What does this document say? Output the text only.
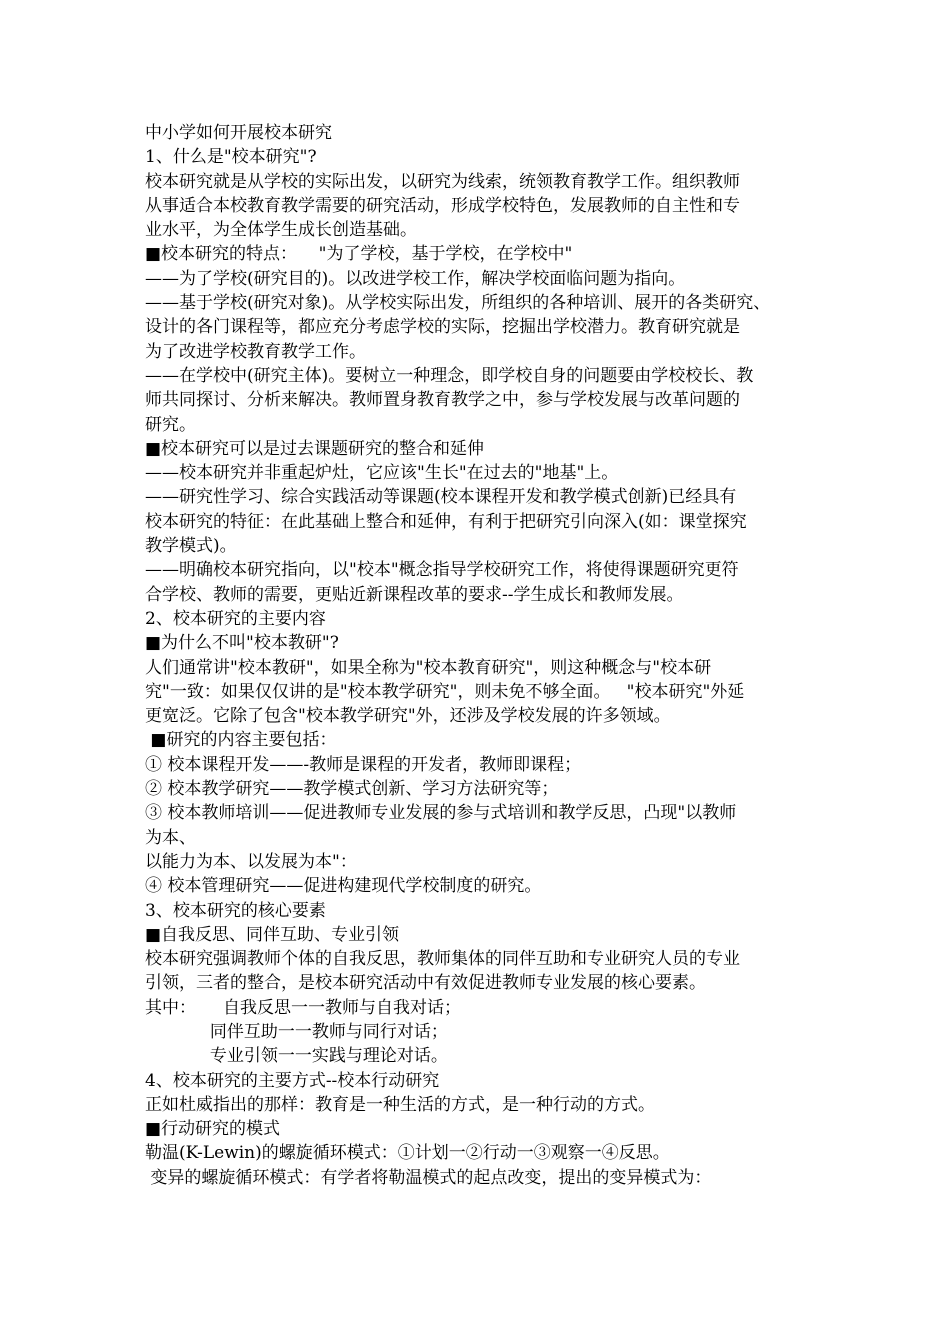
中小学如何开展校本研究
1、什么是"校本研究"?
校本研究就是从学校的实际出发，以研究为线索，统领教育教学工作。组织教师
从事适合本校教育教学需要的研究活动，形成学校特色，发展教师的自主性和专
业水平，为全体学生成长创造基础。
■校本研究的特点：    "为了学校，基于学校，在学校中"
——为了学校(研究目的)。以改进学校工作，解决学校面临问题为指向。
——基于学校(研究对象)。从学校实际出发，所组织的各种培训、展开的各类研究、
设计的各门课程等，都应充分考虑学校的实际，挖掘出学校潜力。教育研究就是
为了改进学校教育教学工作。
——在学校中(研究主体)。要树立一种理念，即学校自身的问题要由学校校长、教
师共同探讨、分析来解决。教师置身教育教学之中，参与学校发展与改革问题的
研究。
■校本研究可以是过去课题研究的整合和延伸
——校本研究并非重起炉灶，它应该"生长"在过去的"地基"上。
——研究性学习、综合实践活动等课题(校本课程开发和教学模式创新)已经具有
校本研究的特征：在此基础上整合和延伸，有利于把研究引向深入(如：课堂探究
教学模式)。
——明确校本研究指向，以"校本"概念指导学校研究工作，将使得课题研究更符
合学校、教师的需要，更贴近新课程改革的要求--学生成长和教师发展。
2、校本研究的主要内容
■为什么不叫"校本教研"?
人们通常讲"校本教研"，如果全称为"校本教育研究"，则这种概念与"校本研
究"一致：如果仅仅讲的是"校本教学研究"，则未免不够全面。   "校本研究"外延
更宽泛。它除了包含"校本教学研究"外，还涉及学校发展的许多领域。
■研究的内容主要包括：
① 校本课程开发——-教师是课程的开发者，教师即课程；
② 校本教学研究——教学模式创新、学习方法研究等；
③ 校本教师培训——促进教师专业发展的参与式培训和教学反思，凸现"以教师
为本、
以能力为本、以发展为本"：
④ 校本管理研究——促进构建现代学校制度的研究。
3、校本研究的核心要素
■自我反思、同伴互助、专业引领
校本研究强调教师个体的自我反思，教师集体的同伴互助和专业研究人员的专业
引领，三者的整合，是校本研究活动中有效促进教师专业发展的核心要素。
其中：     自我反思一一教师与自我对话；
同伴互助一一教师与同行对话；
专业引领一一实践与理论对话。
4、校本研究的主要方式--校本行动研究
正如杜威指出的那样：教育是一种生活的方式，是一种行动的方式。
■行动研究的模式
勒温(K-Lewin)的螺旋循环模式：①计划一②行动一③观察一④反思。
变异的螺旋循环模式：有学者将勒温模式的起点改变，提出的变异模式为：
